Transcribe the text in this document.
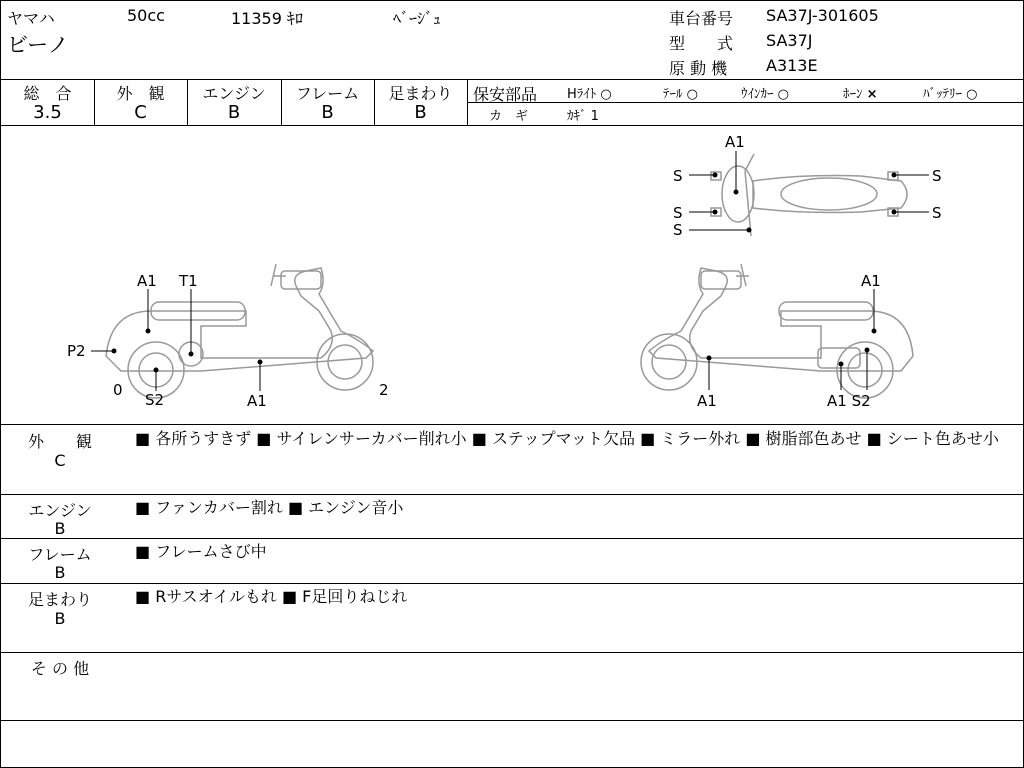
ヤマハ	50cc	11359 ｷﾛ	ﾍﾞｰｼﾞｭ
ビーノ
車台番号 SA37J-301605
型　　式 SA37J
原 動 機 A313E
総　合
3.5
外　観
C
エンジン
B
フレーム
B
足まわり
B
保安部品 Hﾗｲﾄ ○	ﾃｰﾙ ○	ｳｲﾝｶｰ ○	ﾎｰﾝ ×	ﾊﾞｯﾃﾘｰ ○
カ　ギ	ｶｷﾞ 1
A1
S
S
S
S
S
A1 T1
P2
0
S2	A1
2
A1
A1	A1 S2
外　　観
C
■ 各所うすきず ■ サイレンサーカバー削れ小 ■ ステップマット欠品 ■ ミラー外れ ■ 樹脂部色あせ ■ シート色あせ小
エンジン
B
■ ファンカバー割れ ■ エンジン音小
フレーム
B
■ フレームさび中
足まわり
B
■ Rサスオイルもれ ■ F足回りねじれ
そ の 他
